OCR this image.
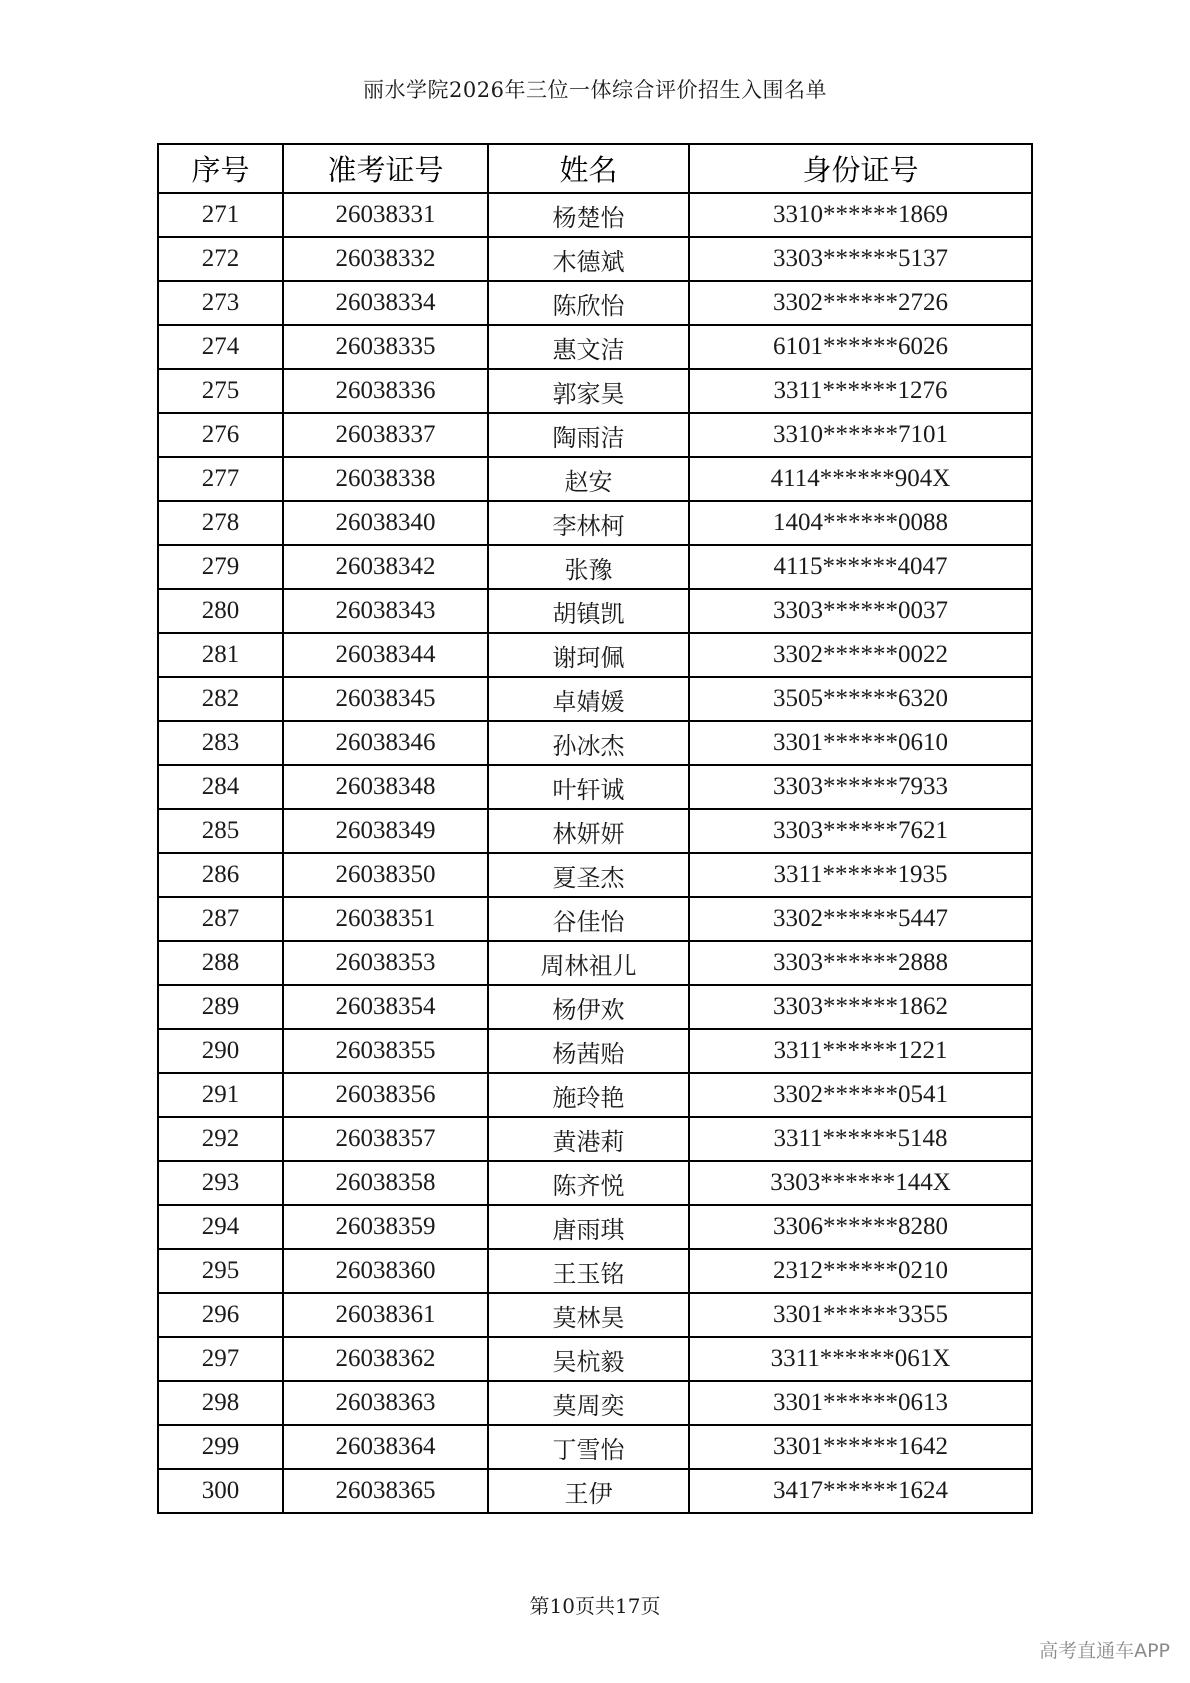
丽水学院2026年三位一体综合评价招生入围名单
序号	准考证号	姓名	身份证号
271	26038331	杨楚怡	3310******1869
272	26038332	木德斌	3303******5137
273	26038334	陈欣怡	3302******2726
274	26038335	惠文洁	6101******6026
275	26038336	郭家昊	3311******1276
276	26038337	陶雨洁	3310******7101
277	26038338	赵安	4114******904X
278	26038340	李林柯	1404******0088
279	26038342	张豫	4115******4047
280	26038343	胡镇凯	3303******0037
281	26038344	谢珂佩	3302******0022
282	26038345	卓婧媛	3505******6320
283	26038346	孙冰杰	3301******0610
284	26038348	叶轩诚	3303******7933
285	26038349	林妍妍	3303******7621
286	26038350	夏圣杰	3311******1935
287	26038351	谷佳怡	3302******5447
288	26038353	周林祖儿	3303******2888
289	26038354	杨伊欢	3303******1862
290	26038355	杨茜贻	3311******1221
291	26038356	施玲艳	3302******0541
292	26038357	黄港莉	3311******5148
293	26038358	陈齐悦	3303******144X
294	26038359	唐雨琪	3306******8280
295	26038360	王玉铭	2312******0210
296	26038361	莫林昊	3301******3355
297	26038362	吴杭毅	3311******061X
298	26038363	莫周奕	3301******0613
299	26038364	丁雪怡	3301******1642
300	26038365	王伊	3417******1624
第10页共17页
高考直通车APP
